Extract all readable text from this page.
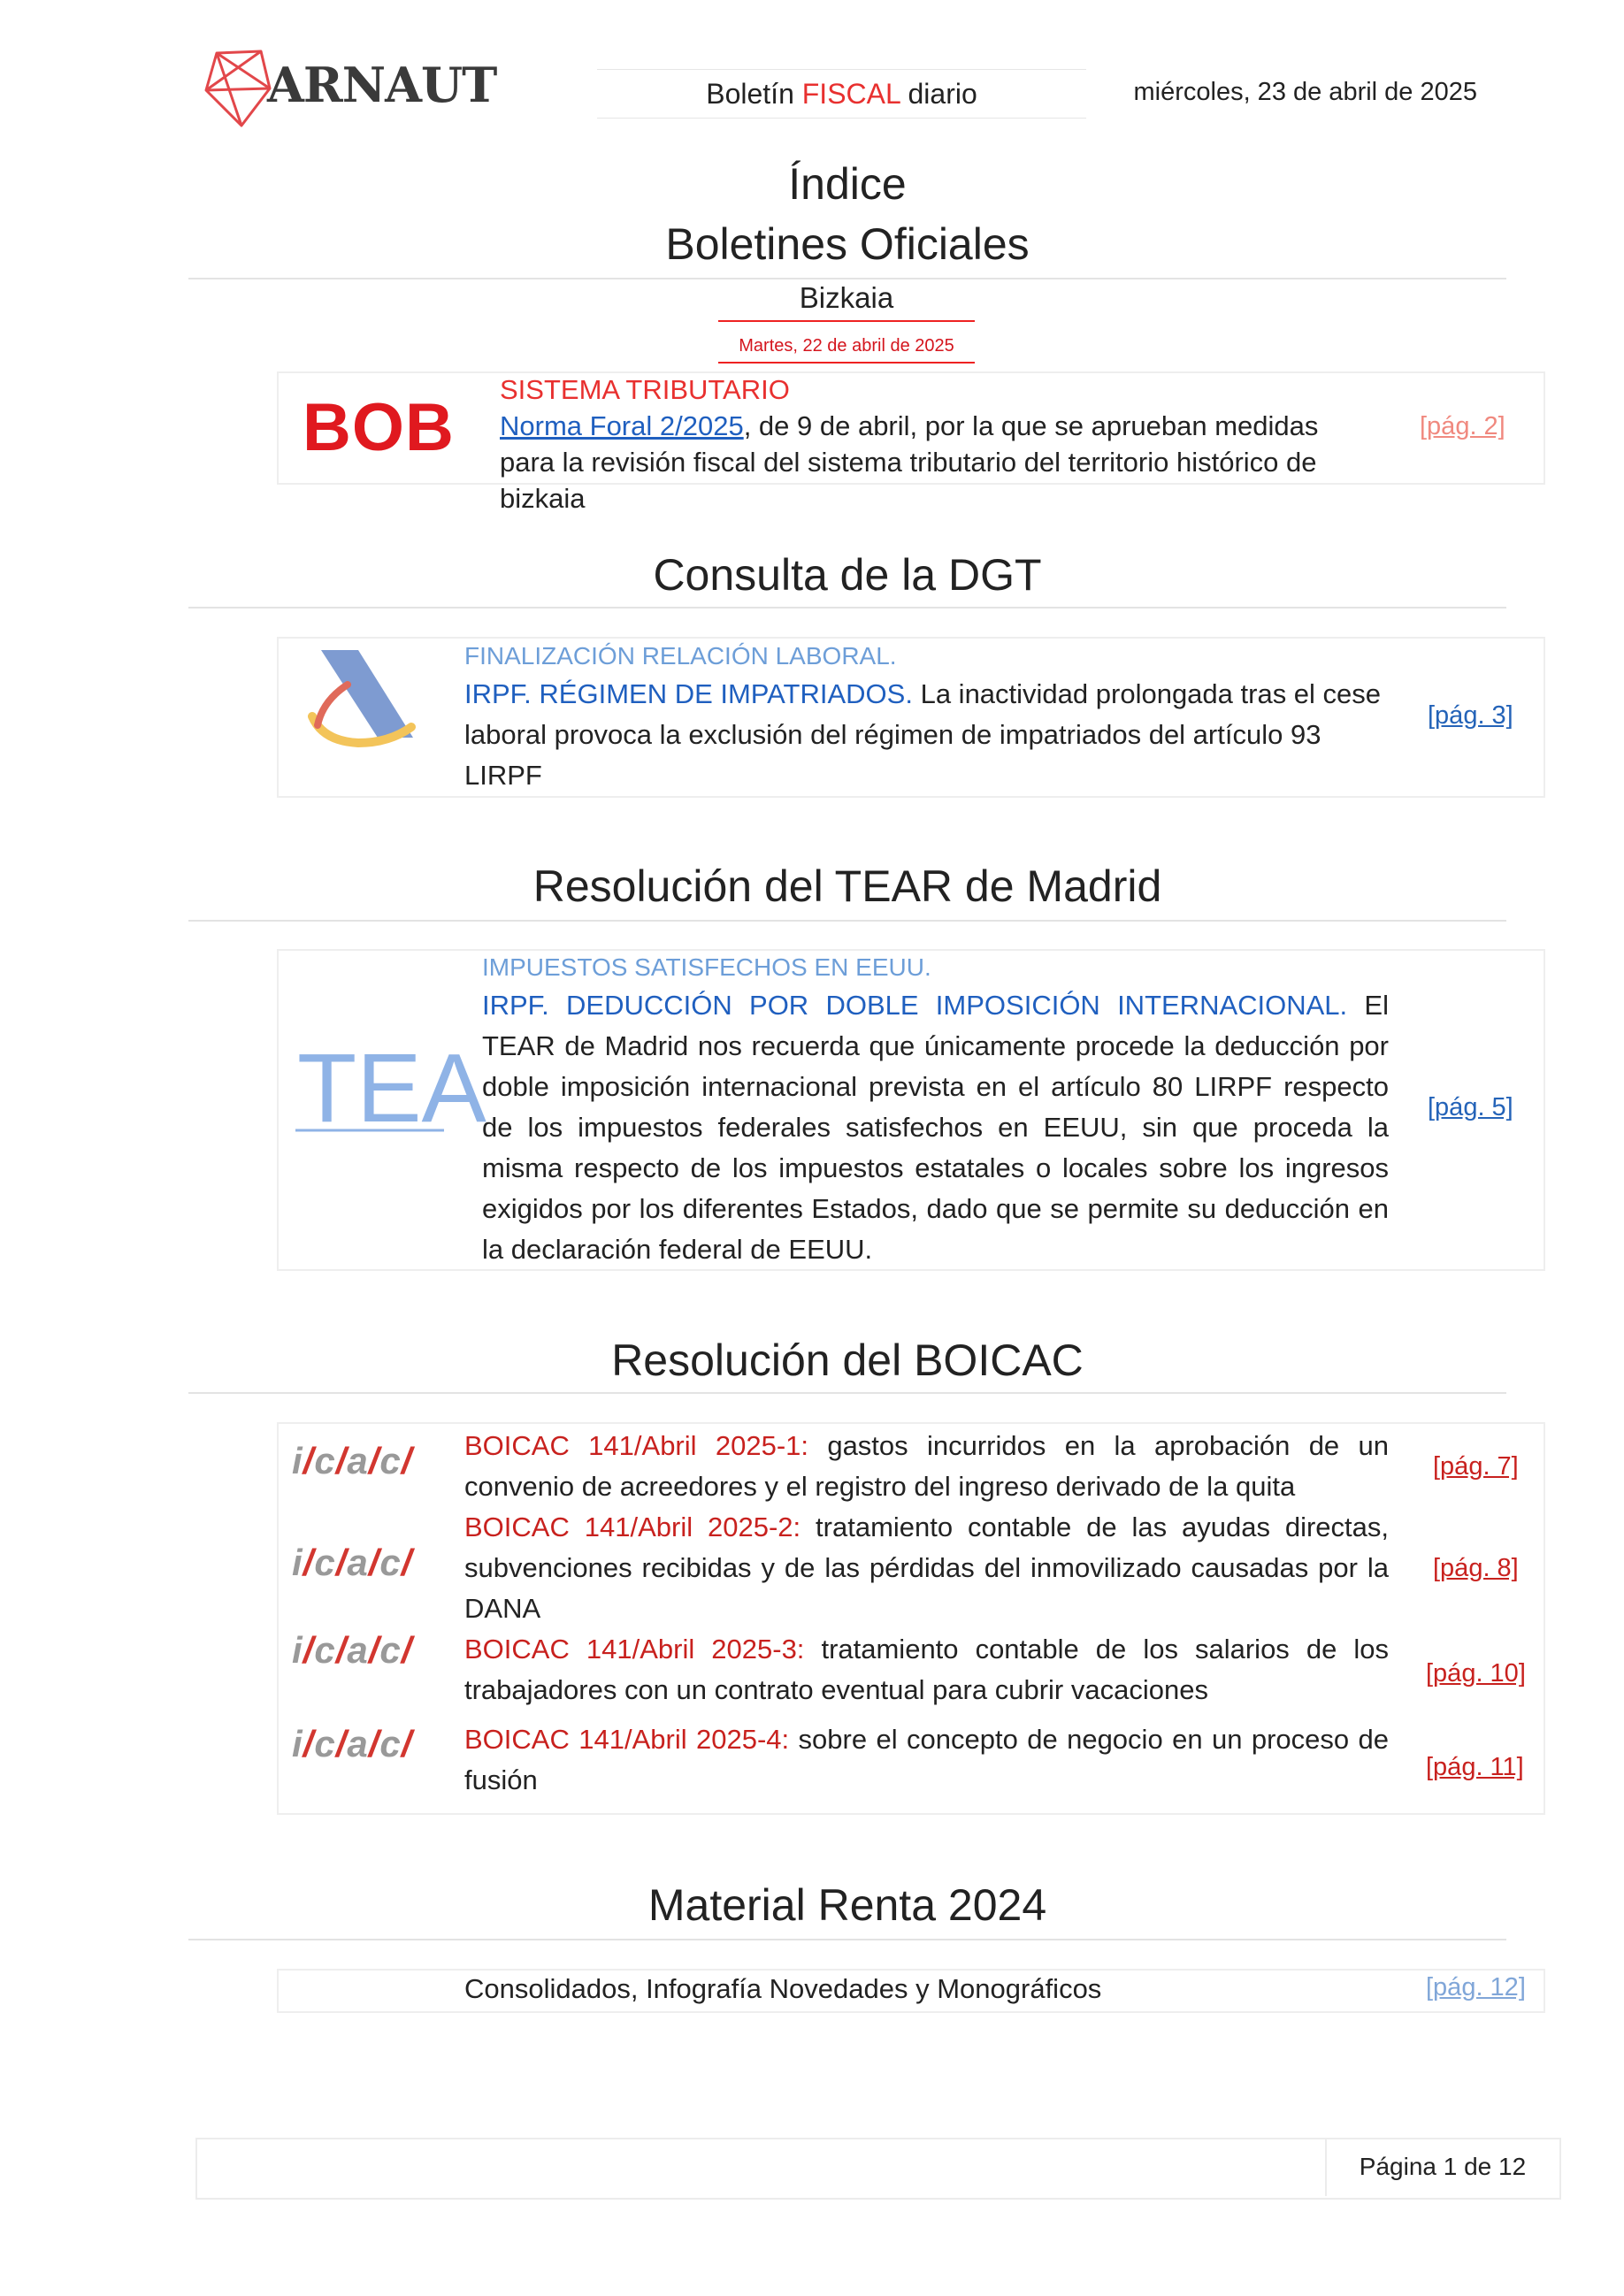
ARNAUT	Boletín FISCAL diario	miércoles, 23 de abril de 2025
Índice
Boletines Oficiales
Bizkaia
Martes, 22 de abril de 2025
BOB
SISTEMA TRIBUTARIO
Norma Foral 2/2025, de 9 de abril, por la que se aprueban medidas para la revisión fiscal del sistema tributario del territorio histórico de bizkaia
[pág. 2]
Consulta de la DGT
FINALIZACIÓN RELACIÓN LABORAL.
IRPF. RÉGIMEN DE IMPATRIADOS. La inactividad prolongada tras el cese laboral provoca la exclusión del régimen de impatriados del artículo 93 LIRPF
[pág. 3]
Resolución del TEAR de Madrid
TEA
IMPUESTOS SATISFECHOS EN EEUU.
IRPF. DEDUCCIÓN POR DOBLE IMPOSICIÓN INTERNACIONAL. El TEAR de Madrid nos recuerda que únicamente procede la deducción por doble imposición internacional prevista en el artículo 80 LIRPF respecto de los impuestos federales satisfechos en EEUU, sin que proceda la misma respecto de los impuestos estatales o locales sobre los ingresos exigidos por los diferentes Estados, dado que se permite su deducción en la declaración federal de EEUU.
[pág. 5]
Resolución del BOICAC
i/c/a/c/
i/c/a/c/
i/c/a/c/
i/c/a/c/
BOICAC 141/Abril 2025-1: gastos incurridos en la aprobación de un convenio de acreedores y el registro del ingreso derivado de la quita
[pág. 7]
BOICAC 141/Abril 2025-2: tratamiento contable de las ayudas directas, subvenciones recibidas y de las pérdidas del inmovilizado causadas por la DANA
[pág. 8]
BOICAC 141/Abril 2025-3: tratamiento contable de los salarios de los trabajadores con un contrato eventual para cubrir vacaciones
[pág. 10]
BOICAC 141/Abril 2025-4: sobre el concepto de negocio en un proceso de fusión	[pág. 11]
Material Renta 2024
Consolidados, Infografía Novedades y Monográficos	[pág. 12]
Página 1 de 12
